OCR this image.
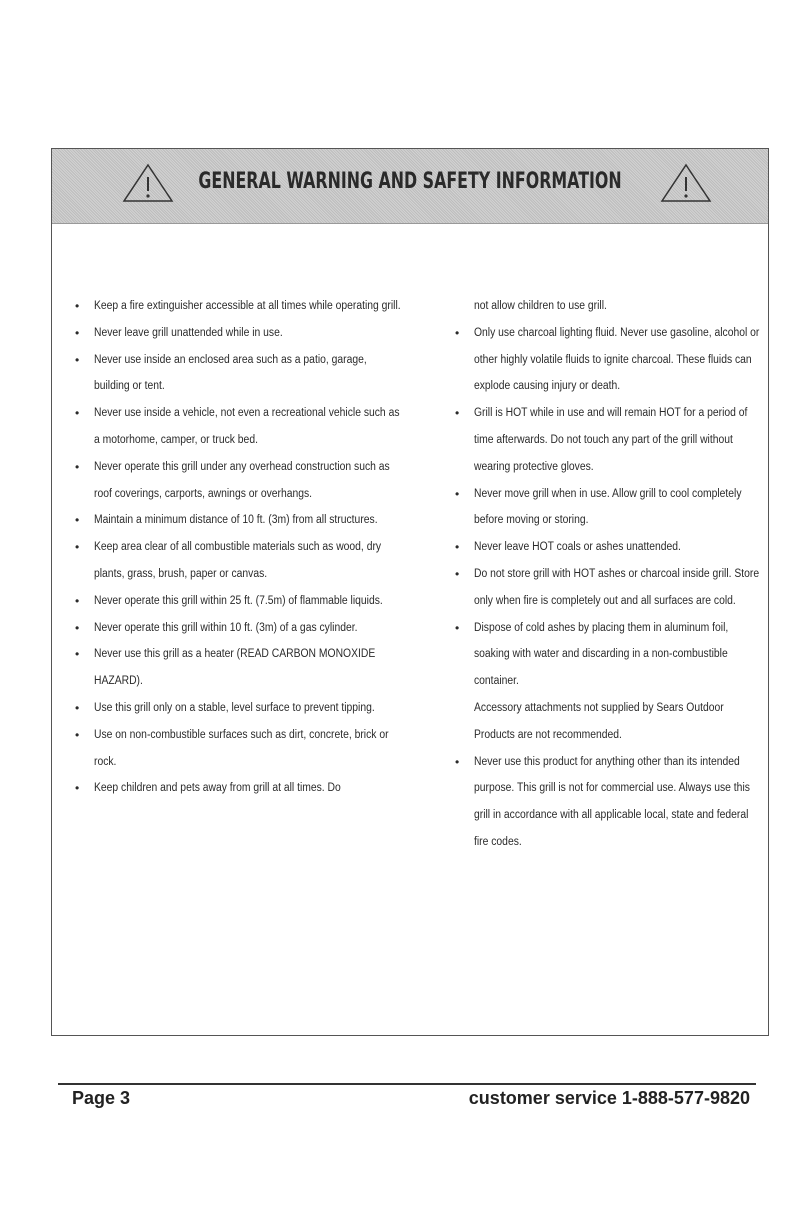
GENERAL WARNING AND SAFETY INFORMATION
• Keep a fire extinguisher accessible at all times while operating grill.
• Never leave grill unattended while in use.
• Never use inside an enclosed area such as a patio, garage, building or tent.
• Never use inside a vehicle, not even a recreational vehicle such as a motorhome, camper, or truck bed.
• Never operate this grill under any overhead construction such as roof coverings, carports, awnings or overhangs.
• Maintain a minimum distance of 10 ft. (3m) from all structures.
• Keep area clear of all combustible materials such as wood, dry plants, grass, brush, paper or canvas.
• Never operate this grill within 25 ft. (7.5m) of flammable liquids.
• Never operate this grill within 10 ft. (3m) of a gas cylinder.
• Never use this grill as a heater (READ CARBON MONOXIDE HAZARD).
• Use this grill only on a stable, level surface to prevent tipping.
• Use on non-combustible surfaces such as dirt, concrete, brick or rock.
• Keep children and pets away from grill at all times. Do
not allow children to use grill.
• Only use charcoal lighting fluid. Never use gasoline, alcohol or other highly volatile fluids to ignite charcoal. These fluids can explode causing injury or death.
• Grill is HOT while in use and will remain HOT for a period of time afterwards. Do not touch any part of the grill without wearing protective gloves.
• Never move grill when in use. Allow grill to cool completely before moving or storing.
• Never leave HOT coals or ashes unattended.
• Do not store grill with HOT ashes or charcoal inside grill. Store only when fire is completely out and all surfaces are cold.
• Dispose of cold ashes by placing them in aluminum foil, soaking with water and discarding in a non-combustible container.
Accessory attachments not supplied by Sears Outdoor Products are not recommended.
• Never use this product for anything other than its intended purpose. This grill is not for commercial use. Always use this grill in accordance with all applicable local, state and federal fire codes.
Page 3	customer service 1-888-577-9820
